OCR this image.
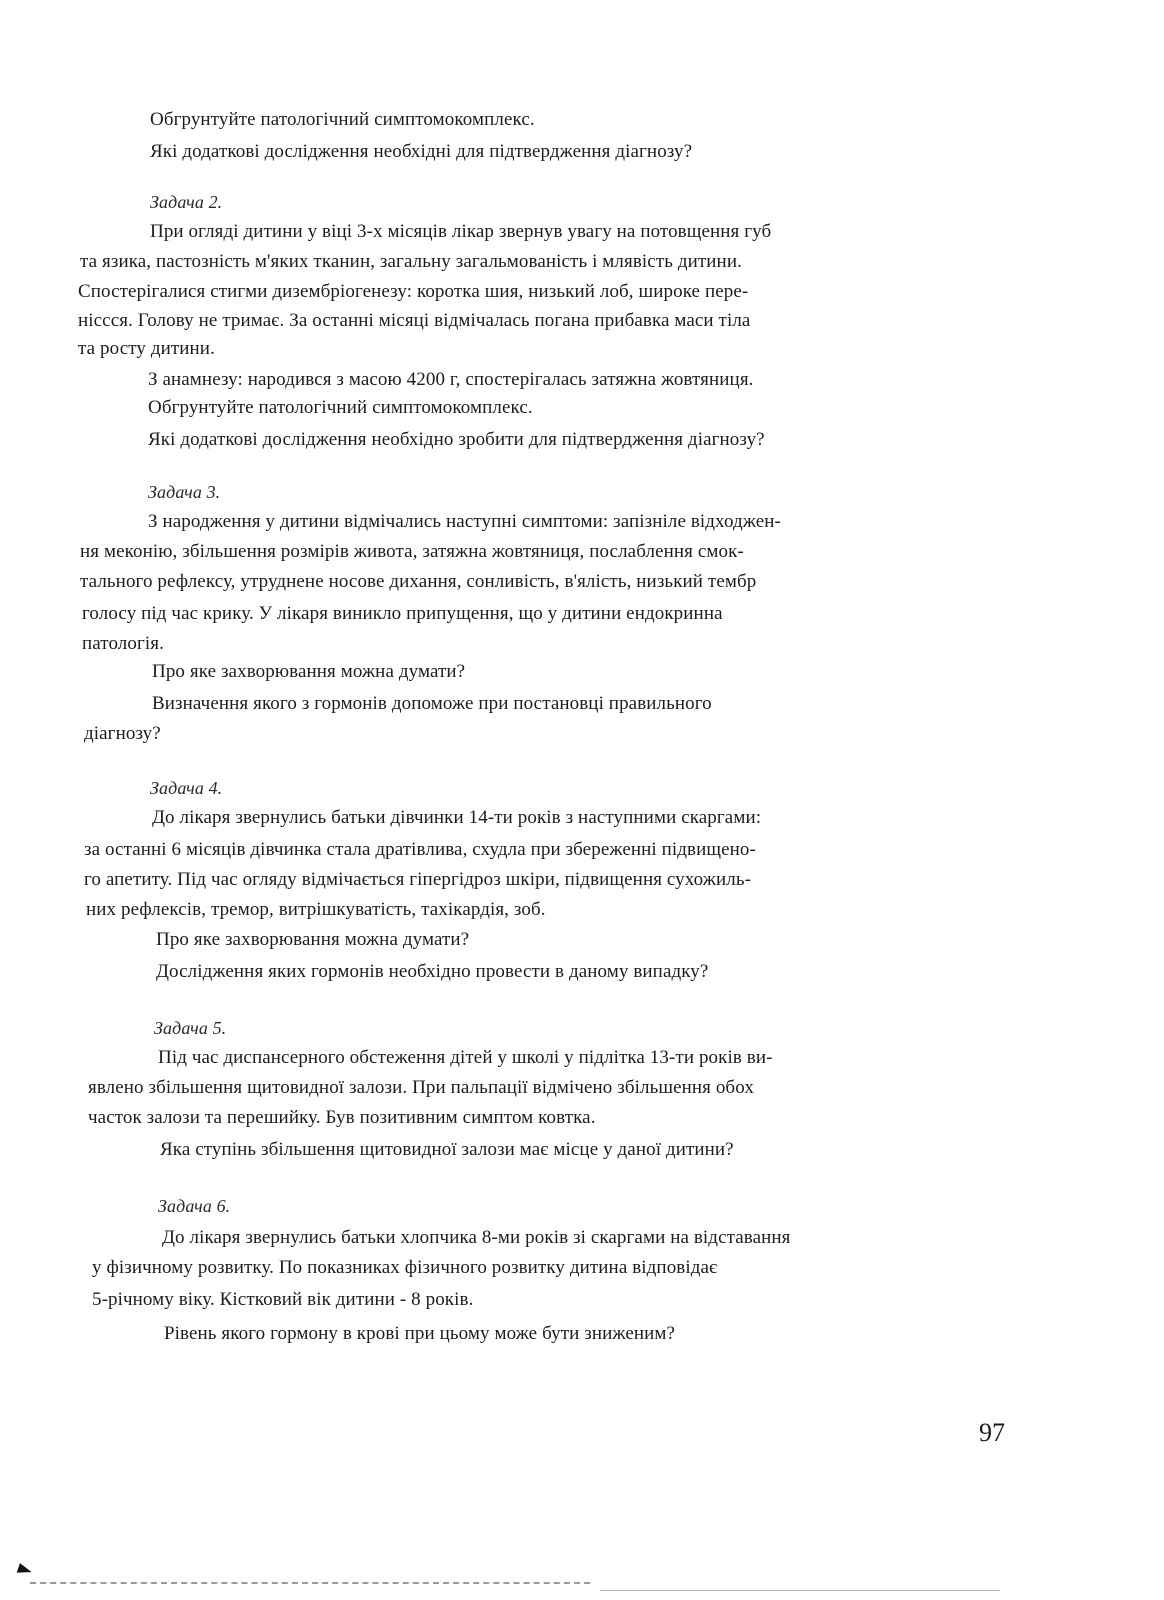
Обгрунтуйте патологічний симптомокомплекс.
Які додаткові дослідження необхідні для підтвердження діагнозу?
Задача 2.
При огляді дитини у віці 3-х місяців лікар звернув увагу на потовщення губ
та язика, пастозність м'яких тканин, загальну загальмованість і млявість дитини.
Спостерігалися стигми дизембріогенезу: коротка шия, низький лоб, широке пере-
ніссся. Голову не тримає. За останні місяці відмічалась погана прибавка маси тіла
та росту дитини.
З анамнезу: народився з масою 4200 г, спостерігалась затяжна жовтяниця.
Обгрунтуйте патологічний симптомокомплекс.
Які додаткові дослідження необхідно зробити для підтвердження діагнозу?
Задача 3.
З народження у дитини відмічались наступні симптоми: запізніле відходжен-
ня меконію, збільшення розмірів живота, затяжна жовтяниця, послаблення смок-
тального рефлексу, утруднене носове дихання, сонливість, в'ялість, низький тембр
голосу під час крику. У лікаря виникло припущення, що у дитини ендокринна
патологія.
Про яке захворювання можна думати?
Визначення якого з гормонів допоможе при постановці правильного
діагнозу?
Задача 4.
До лікаря звернулись батьки дівчинки 14-ти років з наступними скаргами:
за останні 6 місяців дівчинка стала дратівлива, схудла при збереженні підвищено-
го апетиту. Під час огляду відмічається гіпергідроз шкіри, підвищення сухожиль-
них рефлексів, тремор, витрішкуватість, тахікардія, зоб.
Про яке захворювання можна думати?
Дослідження яких гормонів необхідно провести в даному випадку?
Задача 5.
Під час диспансерного обстеження дітей у школі у підлітка 13-ти років ви-
явлено збільшення щитовидної залози. При пальпації відмічено збільшення обох
часток залози та перешийку. Був позитивним симптом ковтка.
Яка ступінь збільшення щитовидної залози має місце у даної дитини?
Задача 6.
До лікаря звернулись батьки хлопчика 8-ми років зі скаргами на відставання
у фізичному розвитку. По показниках фізичного розвитку дитина відповідає
5-річному віку. Кістковий вік дитини - 8 років.
Рівень якого гормону в крові при цьому може бути зниженим?
97
